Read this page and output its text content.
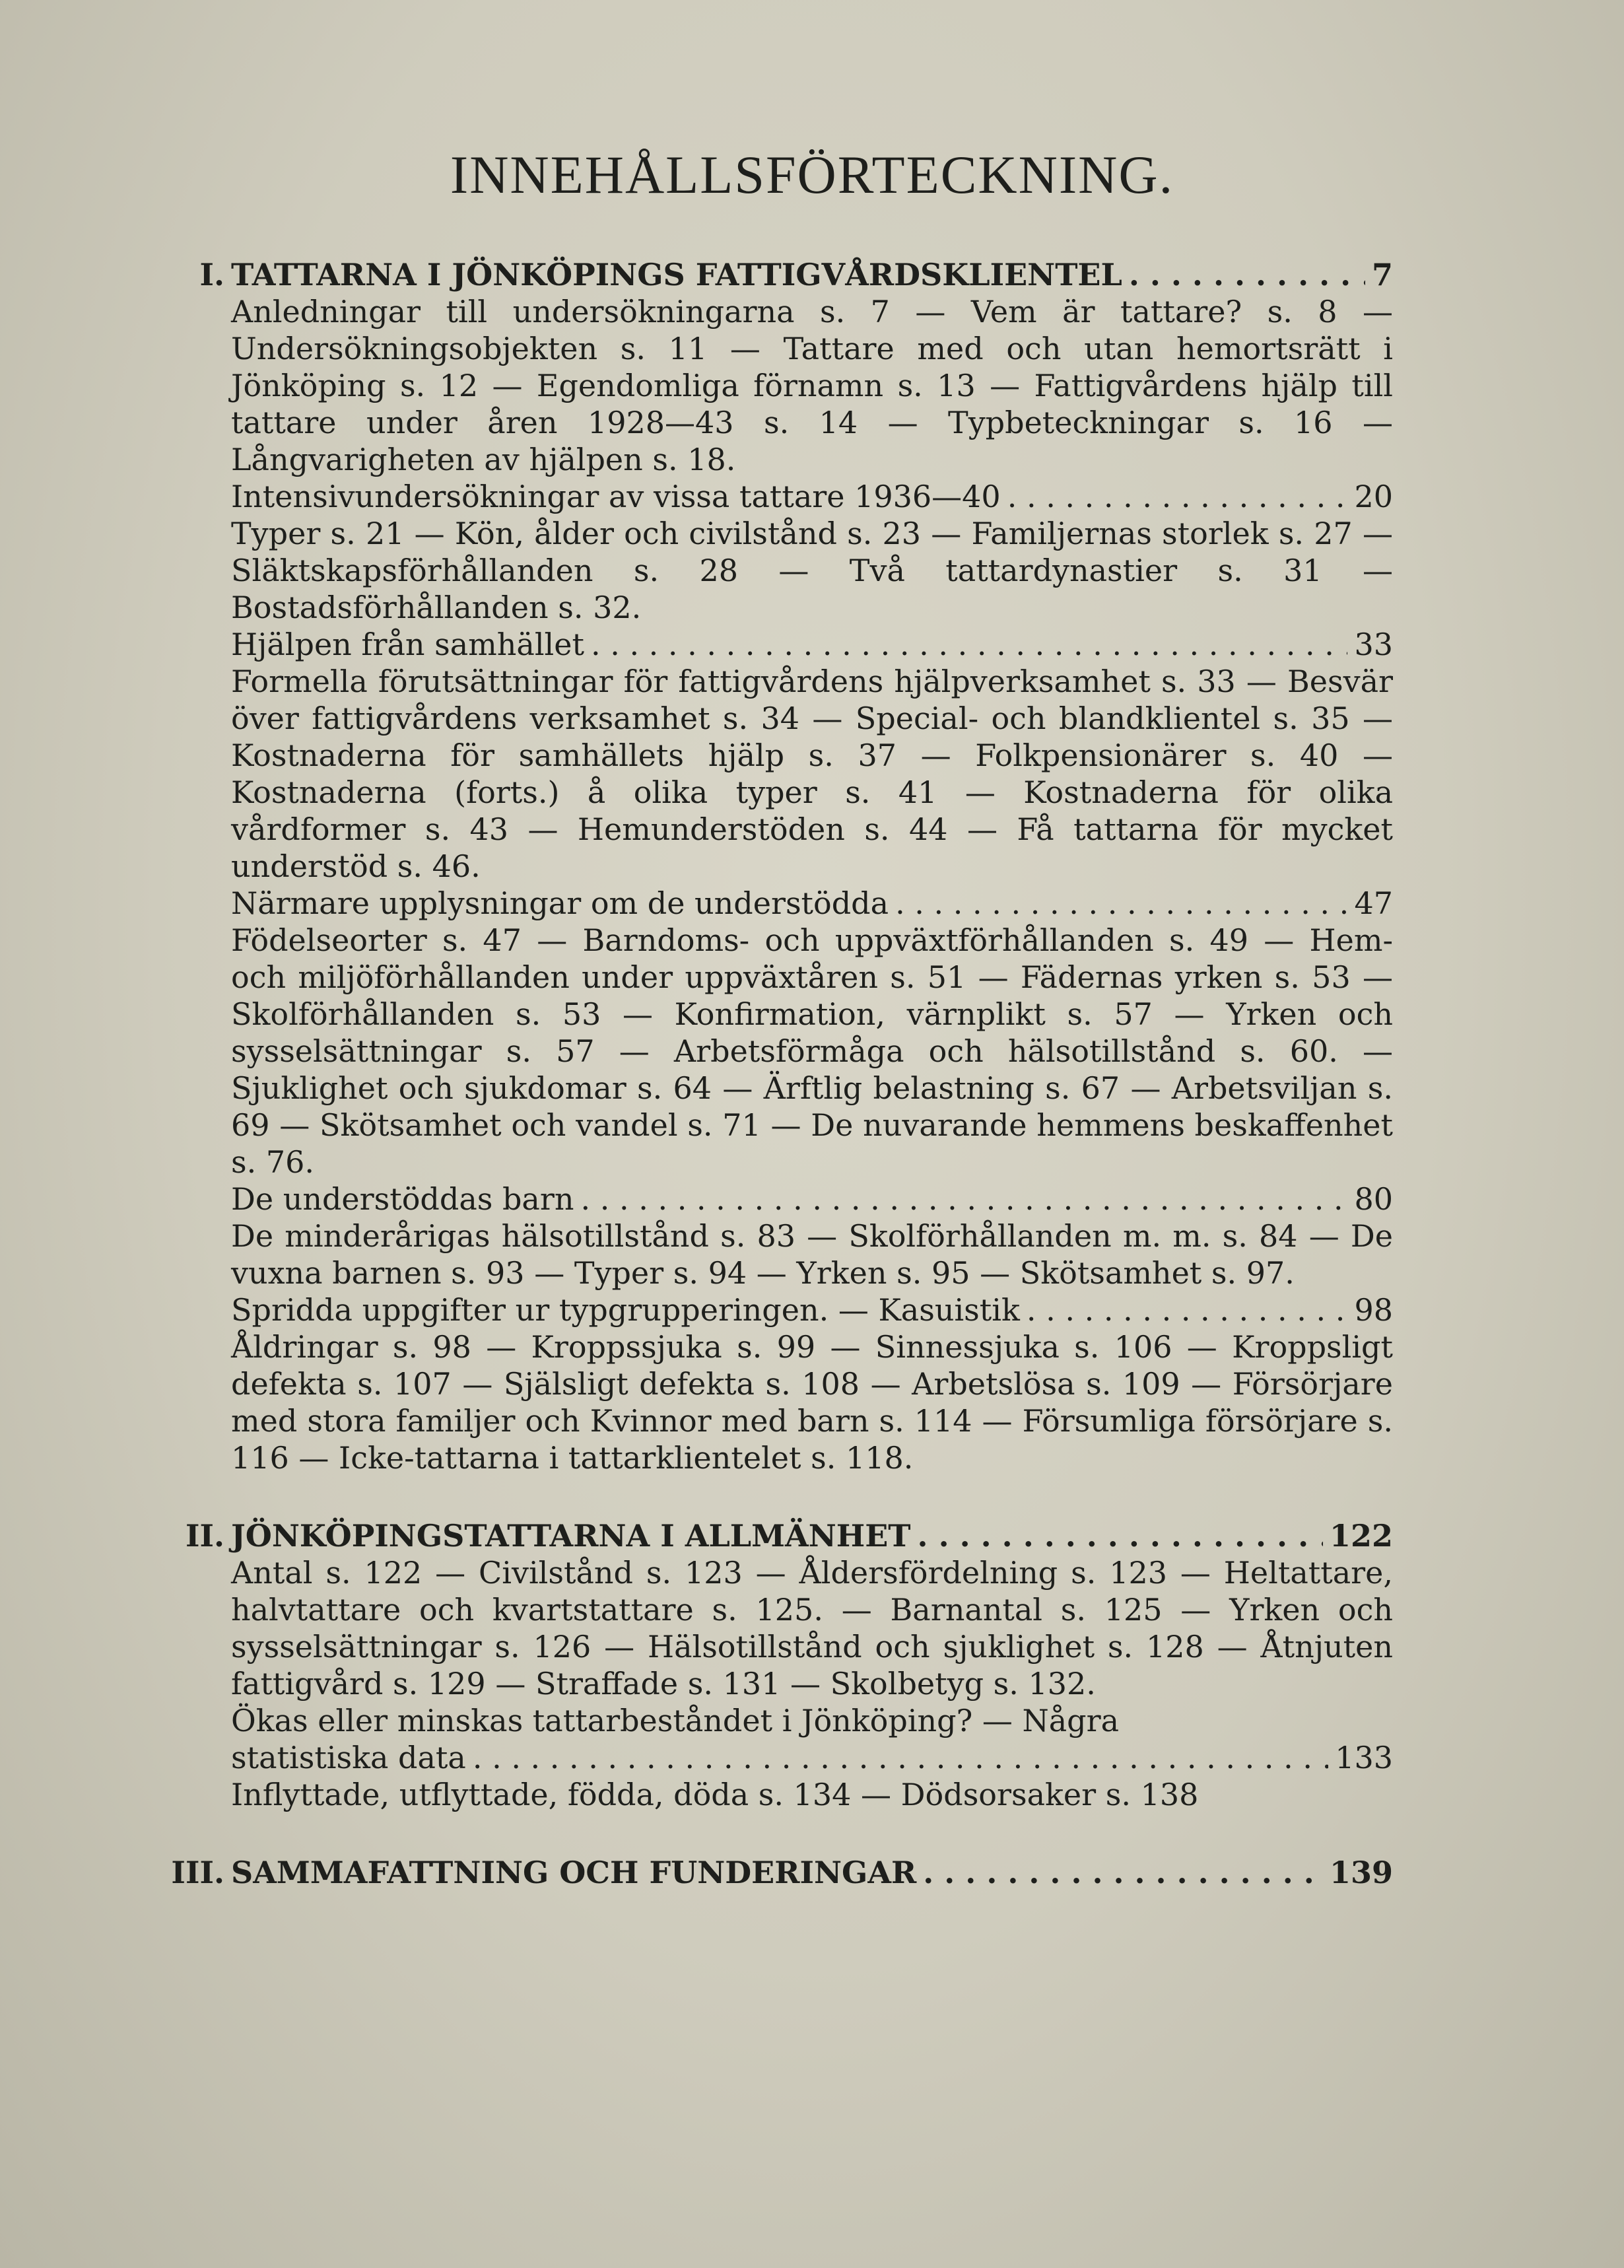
INNEHÅLLSFÖRTECKNING.
I. TATTARNA I JÖNKÖPINGS FATTIGVÅRDSKLIENTEL . . .	7
Anledningar till undersökningarna s. 7 — Vem är tattare? s. 8 — Undersökningsobjekten s. 11 — Tattare med och utan hemortsrätt i Jönköping s. 12 — Egendomliga förnamn s. 13 — Fattigvårdens hjälp till tattare under åren 1928—43 s. 14 — Typbeteckningar s. 16 — Långvarigheten av hjälpen s. 18.
Intensivundersökningar av vissa tattare 1936—40 . . .	20
Typer s. 21 — Kön, ålder och civilstånd s. 23 — Familjernas storlek s. 27 — Släktskapsförhållanden s. 28 — Två tattardynastier s. 31 — Bostadsförhållanden s. 32.
Hjälpen från samhället . . .	33
Formella förutsättningar för fattigvårdens hjälpverksamhet s. 33 — Besvär över fattigvårdens verksamhet s. 34 — Special- och blandklientel s. 35 — Kostnaderna för samhällets hjälp s. 37 — Folkpensionärer s. 40 — Kostnaderna (forts.) å olika typer s. 41 — Kostnaderna för olika vårdformer s. 43 — Hemunderstöden s. 44 — Få tattarna för mycket understöd s. 46.
Närmare upplysningar om de understödda . . .	47
Födelseorter s. 47 — Barndoms- och uppväxtförhållanden s. 49 — Hem- och miljöförhållanden under uppväxtåren s. 51 — Fädernas yrken s. 53 — Skolförhållanden s. 53 — Konfirmation, värnplikt s. 57 — Yrken och sysselsättningar s. 57 — Arbetsförmåga och hälsotillstånd s. 60. — Sjuklighet och sjukdomar s. 64 — Ärftlig belastning s. 67 — Arbetsviljan s. 69 — Skötsamhet och vandel s. 71 — De nuvarande hemmens beskaffenhet s. 76.
De understöddas barn . . .	80
De minderårigas hälsotillstånd s. 83 — Skolförhållanden m. m. s. 84 — De vuxna barnen s. 93 — Typer s. 94 — Yrken s. 95 — Skötsamhet s. 97.
Spridda uppgifter ur typgrupperingen. — Kasuistik . . .	98
Åldringar s. 98 — Kroppssjuka s. 99 — Sinnessjuka s. 106 — Kroppsligt defekta s. 107 — Själsligt defekta s. 108 — Arbetslösa s. 109 — Försörjare med stora familjer och Kvinnor med barn s. 114 — Försumliga försörjare s. 116 — Icke-tattarna i tattarklientelet s. 118.
II. JÖNKÖPINGSTATTARNA I ALLMÄNHET . . .	122
Antal s. 122 — Civilstånd s. 123 — Åldersfördelning s. 123 — Heltattare, halvtattare och kvartstattare s. 125. — Barnantal s. 125 — Yrken och sysselsättningar s. 126 — Hälsotillstånd och sjuklighet s. 128 — Åtnjuten fattigvård s. 129 — Straffade s. 131 — Skolbetyg s. 132.
Ökas eller minskas tattarbeståndet i Jönköping? — Några
statistiska data . . .	133
Inflyttade, utflyttade, födda, döda s. 134 — Dödsorsaker s. 138
III. SAMMAFATTNING OCH FUNDERINGAR . . .	139
